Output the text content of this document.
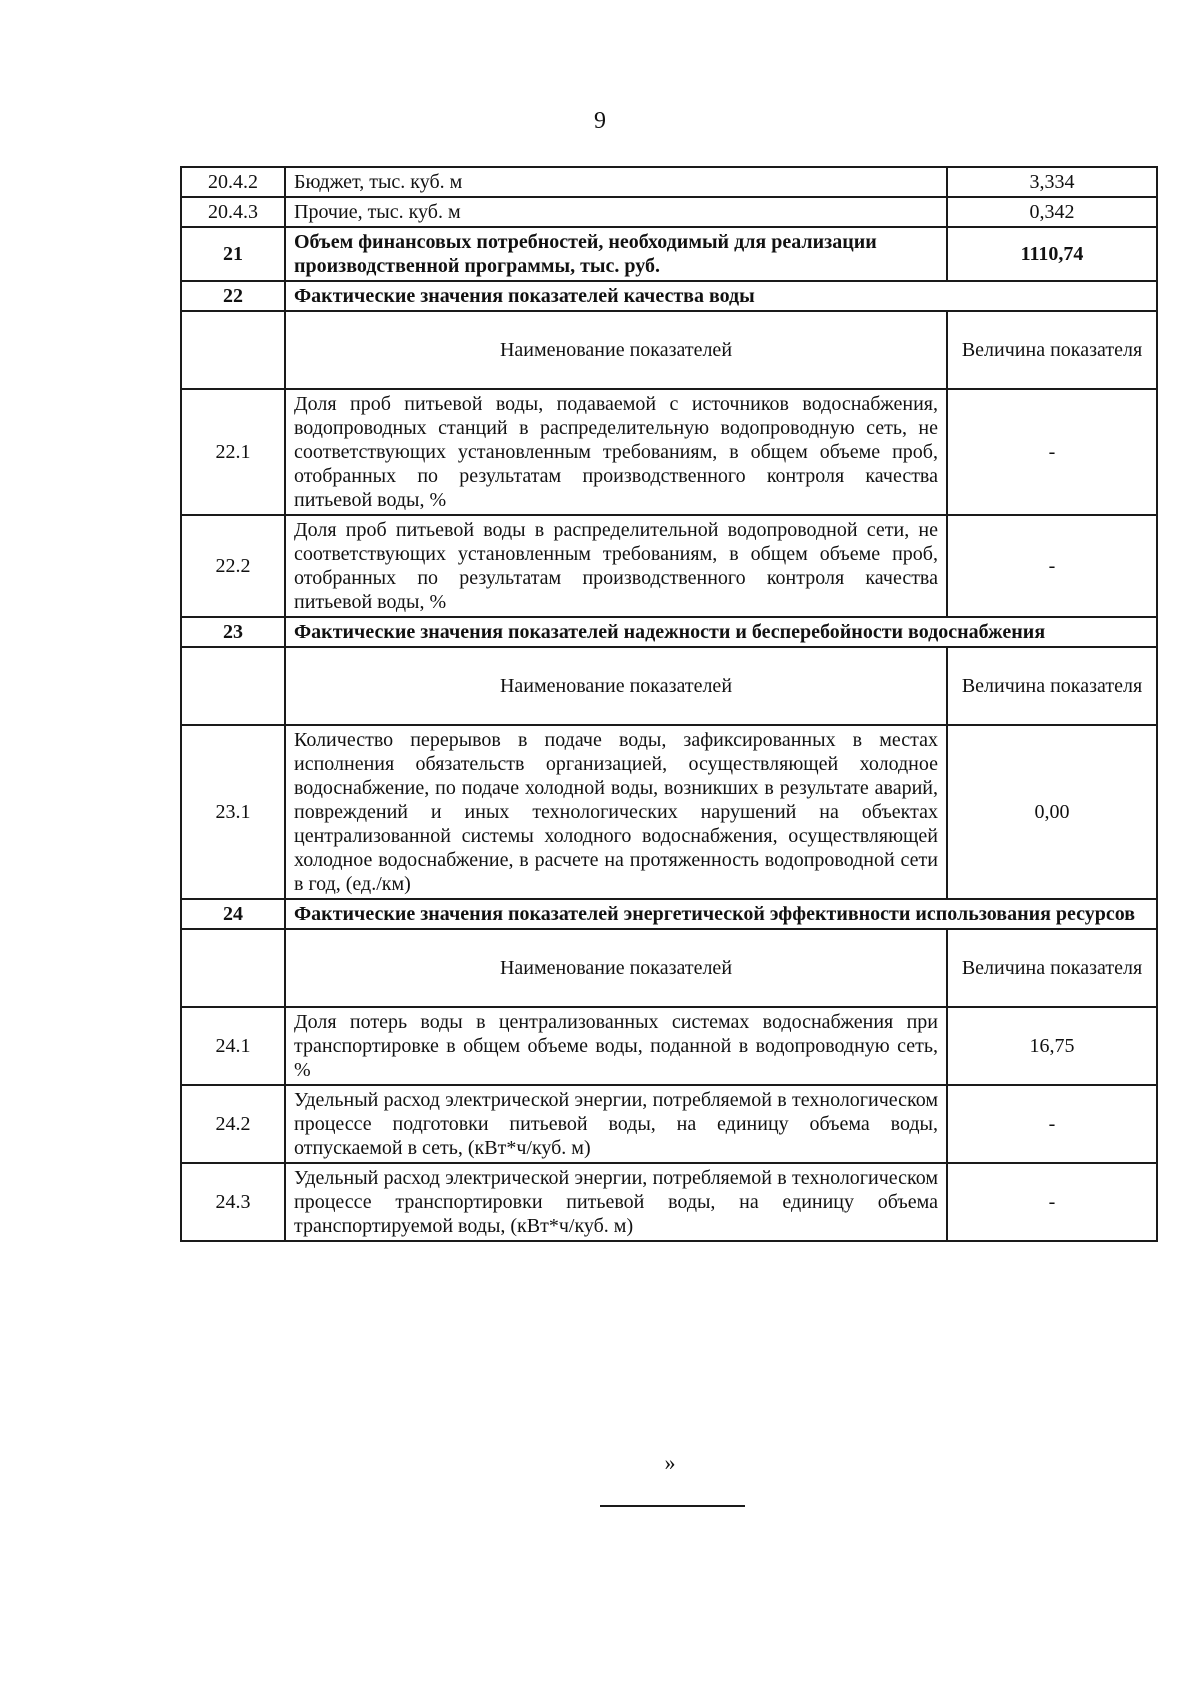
9
20.4.2	Бюджет, тыс. куб. м	3,334
20.4.3	Прочие, тыс. куб. м	0,342
21	Объем финансовых потребностей, необходимый для реализации производственной программы, тыс. руб.	1110,74
22	Фактические значения показателей качества воды	
	Наименование показателей	Величина показателя
22.1	Доля проб питьевой воды, подаваемой с источников водоснабжения, водопроводных станций в распределительную водопроводную сеть, не соответствующих установленным требованиям, в общем объеме проб, отобранных по результатам производственного контроля качества питьевой воды, %	-
22.2	Доля проб питьевой воды в распределительной водопроводной сети, не соответствующих установленным требованиям, в общем объеме проб, отобранных по результатам производственного контроля качества питьевой воды, %	-
23	Фактические значения показателей надежности и бесперебойности водоснабжения	
	Наименование показателей	Величина показателя
23.1	Количество перерывов в подаче воды, зафиксированных в местах исполнения обязательств организацией, осуществляющей холодное водоснабжение, по подаче холодной воды, возникших в результате аварий, повреждений и иных технологических нарушений на объектах централизованной системы холодного водоснабжения, осуществляющей холодное водоснабжение, в расчете на протяженность водопроводной сети в год, (ед./км)	0,00
24	Фактические значения показателей энергетической эффективности использования ресурсов	
	Наименование показателей	Величина показателя
24.1	Доля потерь воды в централизованных системах водоснабжения при транспортировке в общем объеме воды, поданной в водопроводную сеть, %	16,75
24.2	Удельный расход электрической энергии, потребляемой в технологическом процессе подготовки питьевой воды, на единицу объема воды, отпускаемой в сеть, (кВт*ч/куб. м)	-
24.3	Удельный расход электрической энергии, потребляемой в технологическом процессе транспортировки питьевой воды, на единицу объема транспортируемой воды, (кВт*ч/куб. м)	-
»
